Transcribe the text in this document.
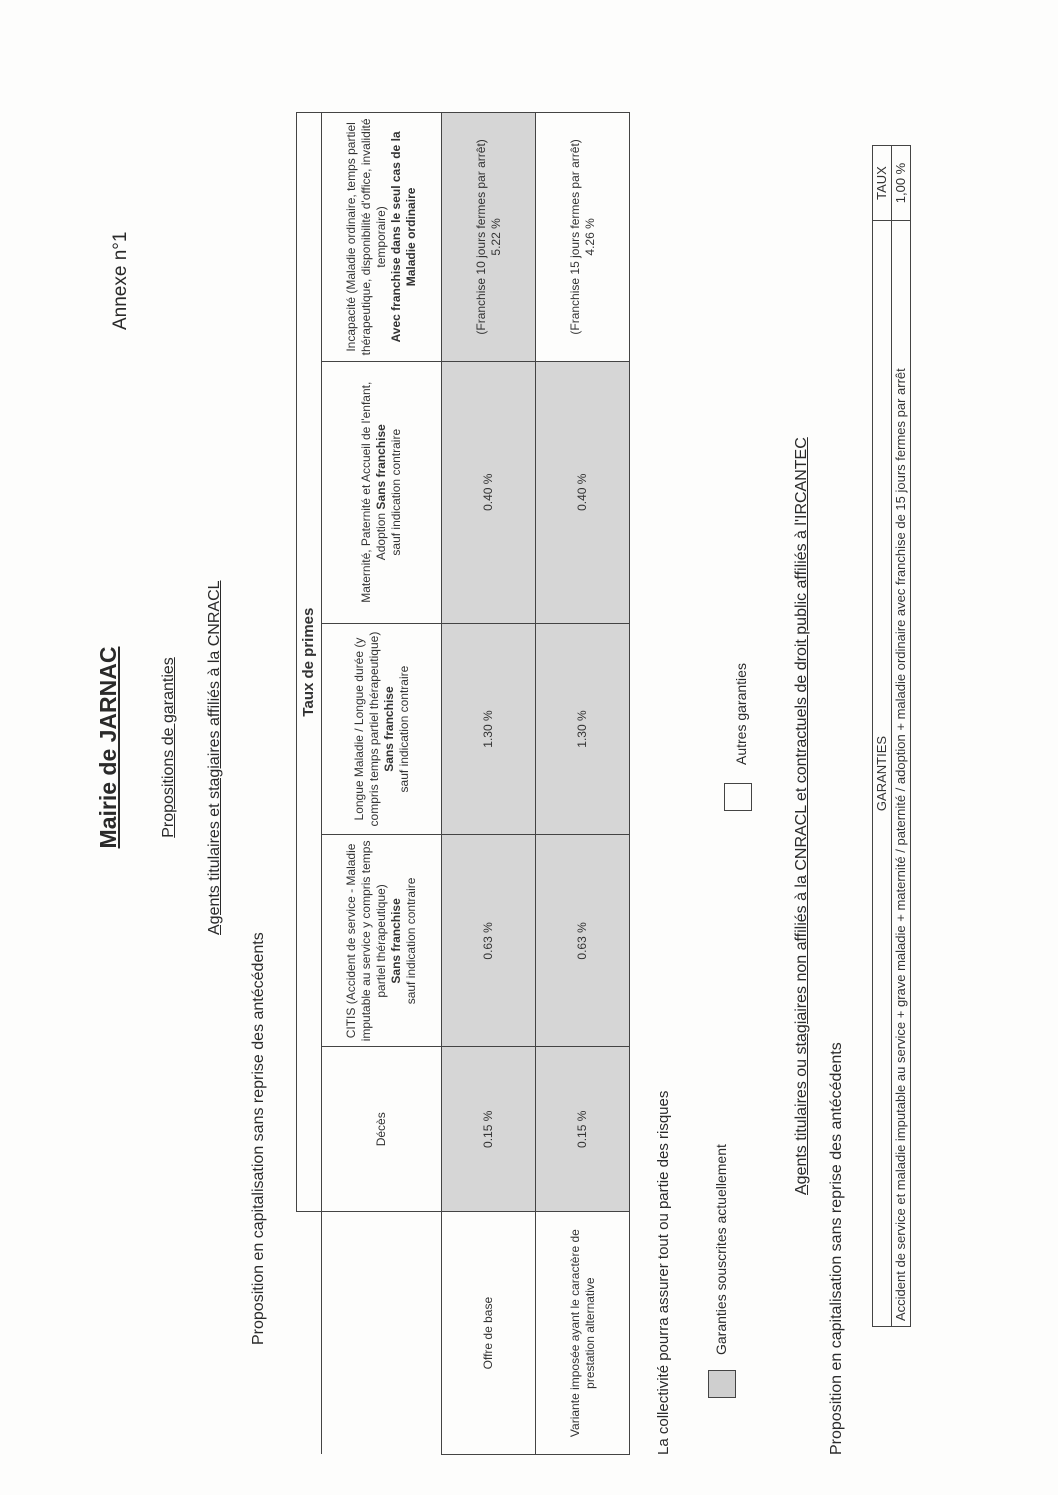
Mairie de JARNAC
Annexe n°1
Propositions de garanties Agents titulaires et stagiaires affiliés à la CNRACL
Proposition en capitalisation sans reprise des antécédents
	Taux de primes				
	Décès	CITIS (Accident de service - Maladie imputable au service y compris temps partiel thérapeutique)
Sans franchise
sauf indication contraire	Longue Maladie / Longue durée (y compris temps partiel thérapeutique)
Sans franchise
sauf indication contraire	Maternité, Paternité et Accueil de l'enfant, Adoption Sans franchise
sauf indication contraire	Incapacité (Maladie ordinaire, temps partiel thérapeutique, disponibilité d'office, invalidité temporaire)
Avec franchise dans le seul cas de la Maladie ordinaire
Offre de base	0.15 %	0.63 %	1.30 %	0.40 %	(Franchise 10 jours fermes par arrêt)
5.22 %
Variante imposée ayant le caractère de prestation alternative	0.15 %	0.63 %	1.30 %	0.40 %	(Franchise 15 jours fermes par arrêt)
4.26 %
La collectivité pourra assurer tout ou partie des risques	Garanties souscrites actuellement
Autres garanties	Agents titulaires ou stagiaires non affiliés à la CNRACL et contractuels de droit public affiliés à l'IRCANTEC
Proposition en capitalisation sans reprise des antécédents
GARANTIES	TAUX
Accident de service et maladie imputable au service + grave maladie + maternité / paternité / adoption + maladie ordinaire avec franchise de 15 jours fermes par arrêt	1,00 %
